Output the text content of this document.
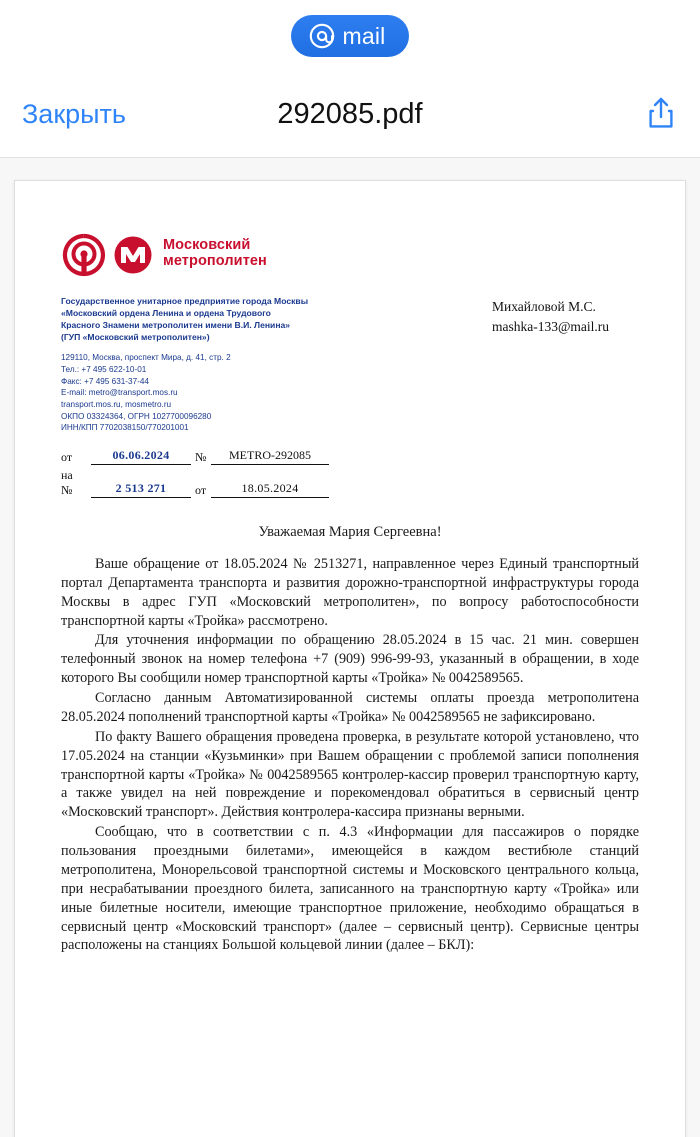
mail
Закрыть	292085.pdf
Московский
метрополитен
Михайловой М.С.
mashka-133@mail.ru
Государственное унитарное предприятие города Москвы
«Московский ордена Ленина и ордена Трудового
Красного Знамени метрополитен имени В.И. Ленина»
(ГУП «Московский метрополитен»)
129110, Москва, проспект Мира, д. 41, стр. 2
Тел.: +7 495 622-10-01
Факс: +7 495 631-37-44
E-mail: metro@transport.mos.ru
transport.mos.ru, mosmetro.ru
ОКПО 03324364, ОГРН 1027700096280
ИНН/КПП 7702038150/770201001
от	06.06.2024	№	METRO-292085
на №	2 513 271	от	18.05.2024
Уважаемая Мария Сергеевна!

Ваше обращение от 18.05.2024 № 2513271, направленное через Единый транспортный портал Департамента транспорта и развития дорожно-транспортной инфраструктуры города Москвы в адрес ГУП «Московский метрополитен», по вопросу работоспособности транспортной карты «Тройка» рассмотрено.

Для уточнения информации по обращению 28.05.2024 в 15 час. 21 мин. совершен телефонный звонок на номер телефона +7 (909) 996-99-93, указанный в обращении, в ходе которого Вы сообщили номер транспортной карты «Тройка» № 0042589565.

Согласно данным Автоматизированной системы оплаты проезда метрополитена 28.05.2024 пополнений транспортной карты «Тройка» № 0042589565 не зафиксировано.

По факту Вашего обращения проведена проверка, в результате которой установлено, что 17.05.2024 на станции «Кузьминки» при Вашем обращении с проблемой записи пополнения транспортной карты «Тройка» № 0042589565 контролер-кассир проверил транспортную карту, а также увидел на ней повреждение и порекомендовал обратиться в сервисный центр «Московский транспорт». Действия контролера-кассира признаны верными.

Сообщаю, что в соответствии с п. 4.3 «Информации для пассажиров о порядке пользования проездными билетами», имеющейся в каждом вестибюле станций метрополитена, Монорельсовой транспортной системы и Московского центрального кольца, при несрабатывании проездного билета, записанного на транспортную карту «Тройка» или иные билетные носители, имеющие транспортное приложение, необходимо обращаться в сервисный центр «Московский транспорт» (далее – сервисный центр). Сервисные центры расположены на станциях Большой кольцевой линии (далее – БКЛ):
